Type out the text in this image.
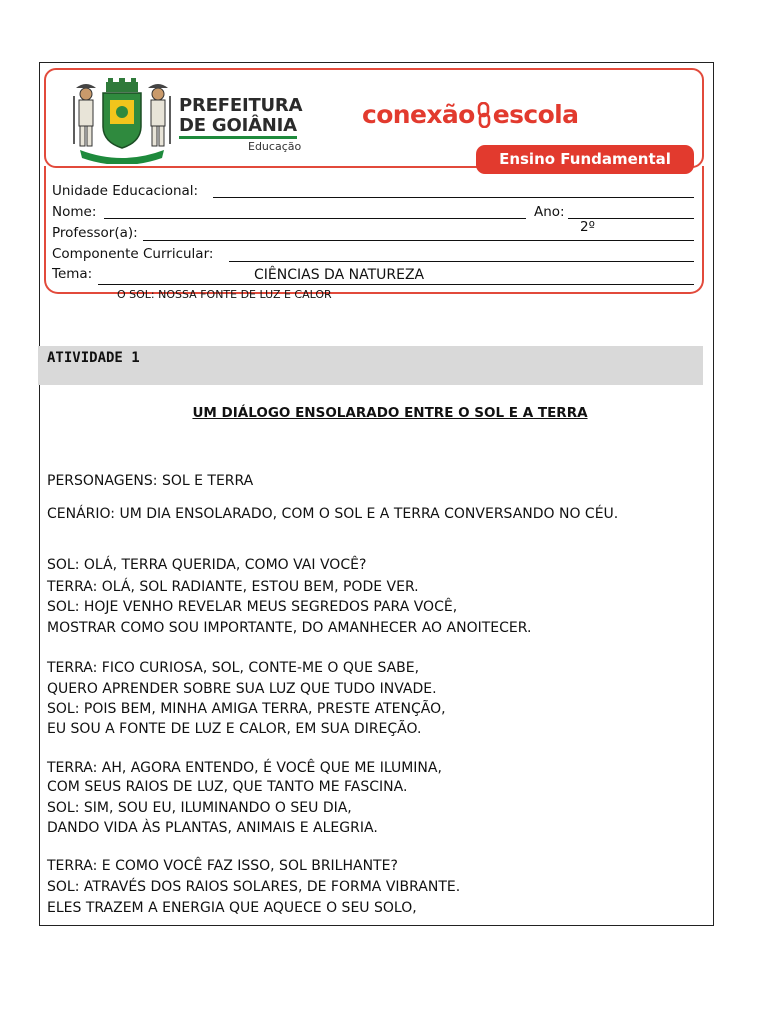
PREFEITURA
DE GOIÂNIA
Educação
conexão escola
Ensino Fundamental
Unidade Educacional:
Nome:	Ano:
2º
Professor(a):
Componente Curricular:
Tema:	CIÊNCIAS DA NATUREZA
O SOL: NOSSA FONTE DE LUZ E CALOR
ATIVIDADE 1
UM DIÁLOGO ENSOLARADO ENTRE O SOL E A TERRA
PERSONAGENS: SOL E TERRA
CENÁRIO: UM DIA ENSOLARADO, COM O SOL E A TERRA CONVERSANDO NO CÉU.
SOL: OLÁ, TERRA QUERIDA, COMO VAI VOCÊ?
TERRA: OLÁ, SOL RADIANTE, ESTOU BEM, PODE VER.
SOL: HOJE VENHO REVELAR MEUS SEGREDOS PARA VOCÊ,
MOSTRAR COMO SOU IMPORTANTE, DO AMANHECER AO ANOITECER.
TERRA: FICO CURIOSA, SOL, CONTE-ME O QUE SABE,
QUERO APRENDER SOBRE SUA LUZ QUE TUDO INVADE.
SOL: POIS BEM, MINHA AMIGA TERRA, PRESTE ATENÇÃO,
EU SOU A FONTE DE LUZ E CALOR, EM SUA DIREÇÃO.
TERRA: AH, AGORA ENTENDO, É VOCÊ QUE ME ILUMINA,
COM SEUS RAIOS DE LUZ, QUE TANTO ME FASCINA.
SOL: SIM, SOU EU, ILUMINANDO O SEU DIA,
DANDO VIDA ÀS PLANTAS, ANIMAIS E ALEGRIA.
TERRA: E COMO VOCÊ FAZ ISSO, SOL BRILHANTE?
SOL: ATRAVÉS DOS RAIOS SOLARES, DE FORMA VIBRANTE.
ELES TRAZEM A ENERGIA QUE AQUECE O SEU SOLO,
